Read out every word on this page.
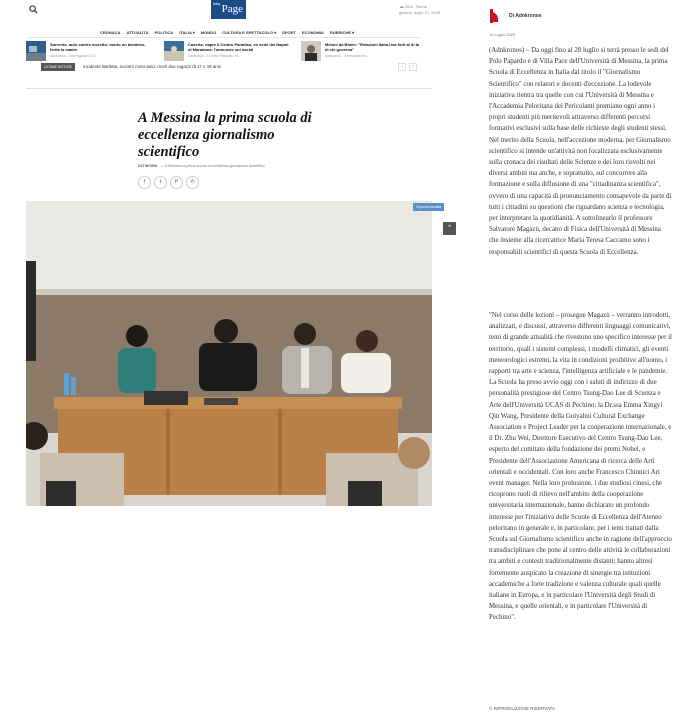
Italy Page	☁26.8 Roma
giovedì, luglio 17, 2025
CRONACA ATTUALITÀ POLITICA ITALIA ▾ MONDO CULTURA E SPETTACOLO ▾ SPORT ECONOMIA RUBRICHE ▾
Sorrento, auto contro muretto: morto un bambino, ferita la madre
Adnkronos - Una ragazza di 13...
Caserta, riapre il Centro Paradiso, ex sede del Napoli di Maradona: l'annuncio sui social
Adnkronos - Il Centro Paradiso, ex...
Meloni da Biden: "Relazioni Italia-Usa forti al di là di chi governa"
Adnkronos - "Le relazioni tra...
ULTIME NOTIZIE	Incidente Barletta, scontro moto-auto: morti due ragazzi di 17 e 19 anni	‹	›
A Messina la prima scuola di eccellenza giornalismo scientifico
ULTIM'ORA — A Messina la prima scuola di eccellenza giornalismo scientifico
f	t	P	✆
Sponsorizzata
⌃
Di Adnkronos
14 Luglio 2025

(Adnkronos) – Da oggi fino al 28 luglio si terrà presso le sedi del Polo Papardo e di Villa Pace dell'Università di Messina, la prima Scuola di Eccellenza in Italia dal titolo il "Giornalismo Scientifico" con relatori e docenti d'eccezione. La lodevole iniziativa rientra tra quelle con cui l'Università di Messina e l'Accademia Peloritana dei Pericolanti premiano ogni anno i propri studenti più meritevoli attraverso differenti percorsi formativi esclusivi sulla base delle richieste degli studenti stessi. Nel merito della Scuola, nell'accezione moderna, per Giornalismo scientifico si intende un'attività non focalizzata esclusivamente sulla cronaca dei risultati delle Scienze e dei loro risvolti nei diversi ambiti ma anche, e soprattutto, sul concorrere alla formazione e sulla diffusione di una "cittadinanza scientifica", ovvero di una capacità di pronunciamento consapevole da parte di tutti i cittadini su questioni che riguardano scienza e tecnologia, per interpretare la quotidianità. A sottolinearlo il professore Salvatore Magazù, decano di Fisica dell'Università di Messina che insieme alla ricercatrice Maria Teresa Caccamo sono i responsabili scientifici di questa Scuola di Eccellenza.

"Nel corso delle lezioni – prosegue Magazù – verranno introdotti, analizzati, e discussi, attraverso differenti linguaggi comunicativi, temi di grande attualità che rivestono uno specifico interesse per il territorio, quali i sistemi complessi, i modelli climatici, gli eventi meteorologici estremi, la vita in condizioni proibitive all'uomo, i rapporti tra arte e scienza, l'intelligenza artificiale e le pandemie. La Scuola ha preso avvio oggi con i saluti di indirizzo di due personalità prestigiose del Centro Tsung-Dao Lee di Scienza e Arte dell'Università UCAS di Pechino: la Dr.ssa Emma Xingyi Qin Wang, Presidente della Guiyahui Cultural Exchange Association e Project Leader per la cooperazione internazionale, e il Dr. Zhu Wei, Direttore Esecutivo del Centro Tsung-Dao Lee, esperto del comitato della fondazione dei premi Nobel, e Presidente dell'Associazione Americana di ricerca delle Arti orientali e occidentali. Con loro anche Francesco Chinnici Art event manager. Nella loro prolusione, i due studiosi cinesi, che ricoprono ruoli di rilievo nell'ambito della cooperazione universitaria internazionale, hanno dichiarato un profondo interesse per l'iniziativa delle Scuole di Eccellenza dell'Ateneo peloritano in generale e, in particolare, per i temi trattati dalla Scuola sul Giornalismo scientifico anche in ragione dell'approccio transdisciplinare che pone al centro delle attività le collaborazioni tra ambiti e contesti tradizionalmente distanti; hanno altresì fortemente auspicato la creazione di sinergie tra istituzioni accademiche a forte tradizione e valenza culturale quali quelle italiane in Europa, e in particolare l'Università degli Studi di Messina, e quelle orientali, e in particolare l'Università di Pechino".

© RIPRODUZIONE RISERVATA
